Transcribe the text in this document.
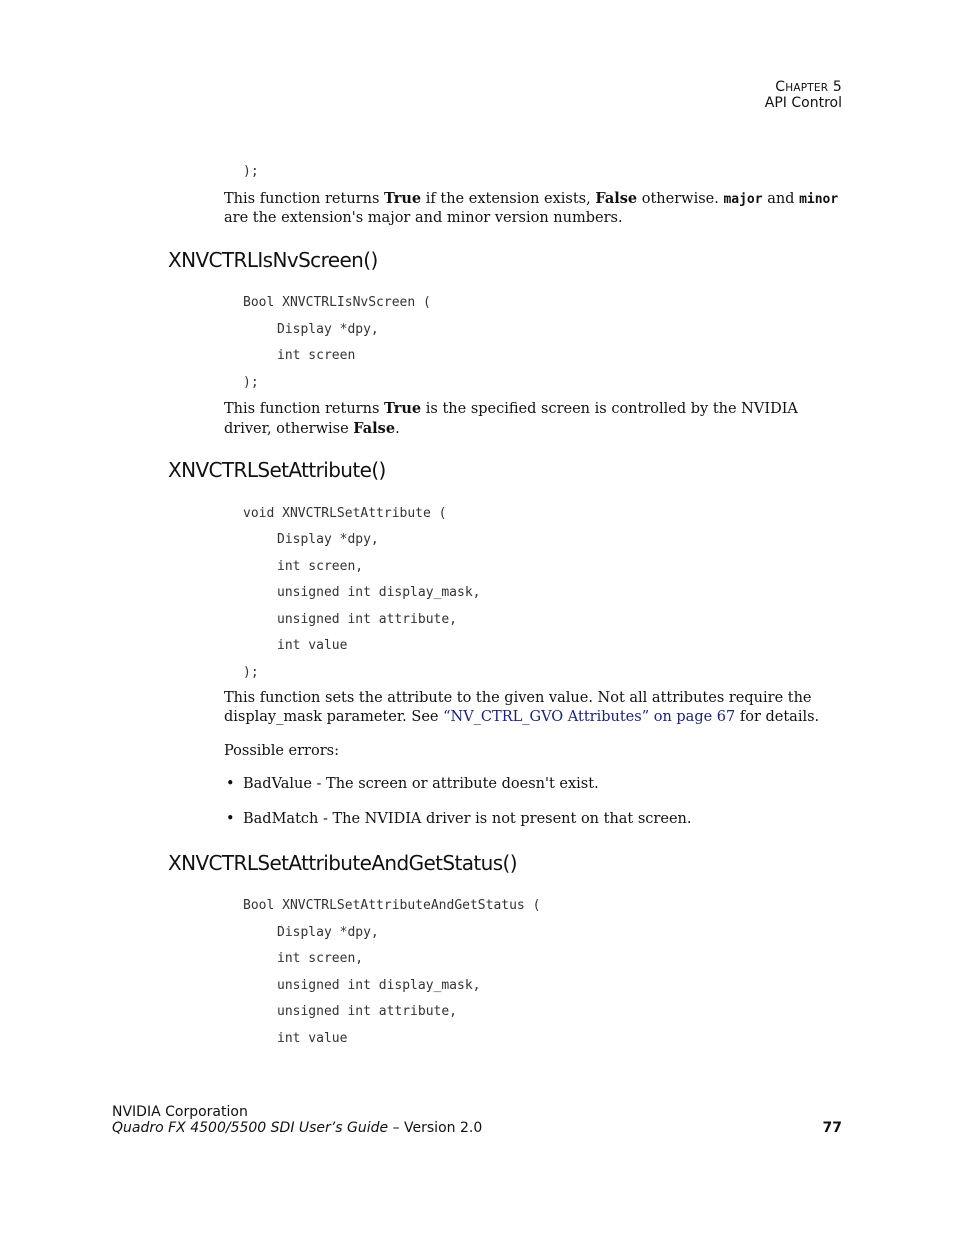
CHAPTER 5
API Control
);
This function returns True if the extension exists, False otherwise. major and minor are the extension's major and minor version numbers.
XNVCTRLIsNvScreen()
Bool XNVCTRLIsNvScreen (
Display *dpy,
int screen
);
This function returns True is the specified screen is controlled by the NVIDIA driver, otherwise False.
XNVCTRLSetAttribute()
void XNVCTRLSetAttribute (
Display *dpy,
int screen,
unsigned int display_mask,
unsigned int attribute,
int value
);
This function sets the attribute to the given value. Not all attributes require the display_mask parameter. See “NV_CTRL_GVO Attributes” on page 67 for details.
Possible errors:
• BadValue - The screen or attribute doesn't exist.
• BadMatch - The NVIDIA driver is not present on that screen.
XNVCTRLSetAttributeAndGetStatus()
Bool XNVCTRLSetAttributeAndGetStatus (
Display *dpy,
int screen,
unsigned int display_mask,
unsigned int attribute,
int value
NVIDIA Corporation
Quadro FX 4500/5500 SDI User’s Guide – Version 2.0	77
